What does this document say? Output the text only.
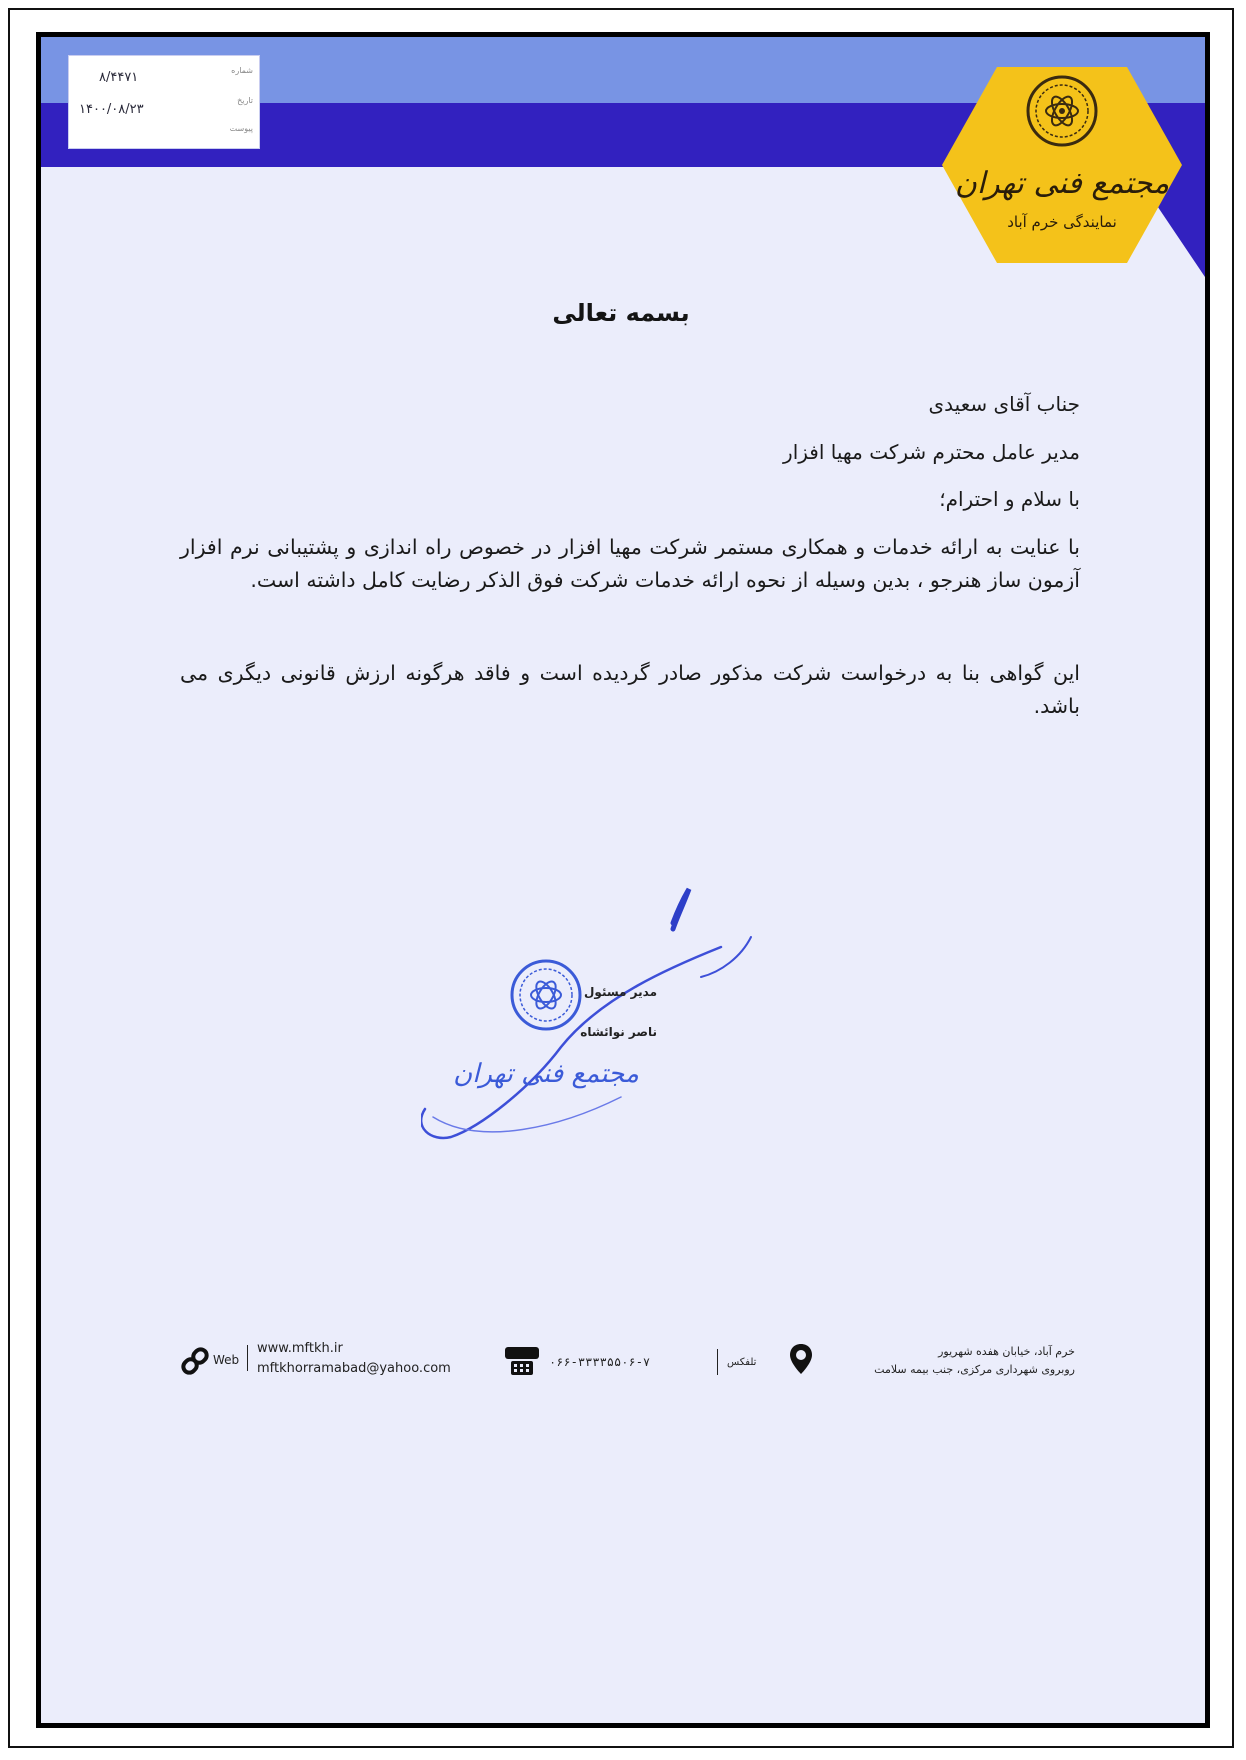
۸/۴۴۷۱
۱۴۰۰/۰۸/۲۳
شماره
تاریخ
پیوست
مجتمع فنی تهران
نمایندگی خرم آباد
بسمه تعالی
جناب آقای سعیدی
مدیر عامل محترم شرکت مهیا افزار
با سلام و احترام؛
با عنایت به ارائه خدمات و همکاری مستمر شرکت مهیا افزار در خصوص راه اندازی و پشتیبانی نرم افزار آزمون ساز هنرجو ، بدین وسیله از نحوه ارائه خدمات شرکت فوق الذکر رضایت کامل داشته است.
این گواهی بنا به درخواست شرکت مذکور صادر گردیده است و فاقد هرگونه ارزش قانونی دیگری می باشد.
مجتمع فنی تهران
مدیر مسئول
ناصر نوائشاه
خرم آباد، خیابان هفده شهریور
روبروی شهرداری مرکزی، جنب بیمه سلامت
تلفکس
۰۶۶-۳۳۳۳۵۵۰۶-۷
www.mftkh.ir
mftkhorramabad@yahoo.com
Web
